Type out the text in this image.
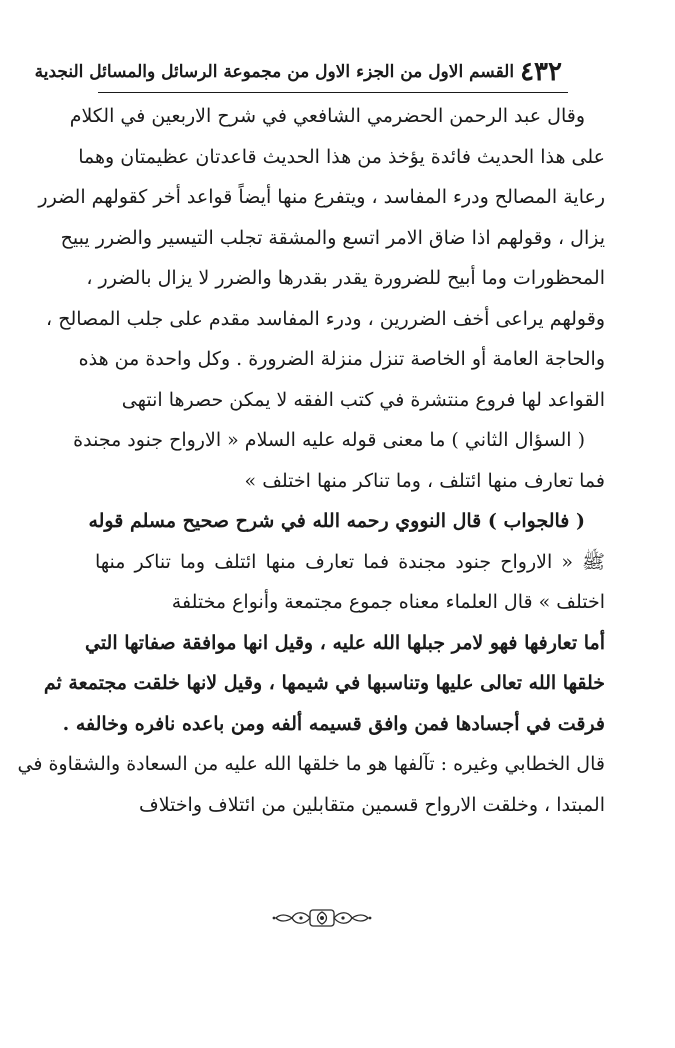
٤٣٢
القسم الاول من الجزء الاول من مجموعة الرسائل والمسائل النجدية
وقال عبد الرحمن الحضرمي الشافعي في شرح الاربعين في الكلام
على هذا الحديث فائدة يؤخذ من هذا الحديث قاعدتان عظيمتان وهما
رعاية المصالح ودرء المفاسد ، ويتفرع منها أيضاً قواعد أخر كقولهم الضرر
يزال ، وقولهم اذا ضاق الامر اتسع والمشقة تجلب التيسير والضرر يبيح
المحظورات وما أبيح للضرورة يقدر بقدرها والضرر لا يزال بالضرر ،
وقولهم يراعى أخف الضررين ، ودرء المفاسد مقدم على جلب المصالح ،
والحاجة العامة أو الخاصة تنزل منزلة الضرورة . وكل واحدة من هذه
القواعد لها فروع منتشرة في كتب الفقه لا يمكن حصرها انتهى
( السؤال الثاني ) ما معنى قوله عليه السلام « الارواح جنود مجندة
فما تعارف منها ائتلف ، وما تناكر منها اختلف »
( فالجواب ) قال النووي رحمه الله في شرح صحيح مسلم قوله
ﷺ « الارواح جنود مجندة فما تعارف منها ائتلف وما تناكر منها
اختلف » قال العلماء معناه جموع مجتمعة وأنواع مختلفة
أما تعارفها فهو لامر جبلها الله عليه ، وقيل انها موافقة صفاتها التي
خلقها الله تعالى عليها وتناسبها في شيمها ، وقيل لانها خلقت مجتمعة ثم
فرقت في أجسادها فمن وافق قسيمه ألفه ومن باعده نافره وخالفه .
قال الخطابي وغيره : تآلفها هو ما خلقها الله عليه من السعادة والشقاوة في
المبتدا ، وخلقت الارواح قسمين متقابلين من ائتلاف واختلاف
